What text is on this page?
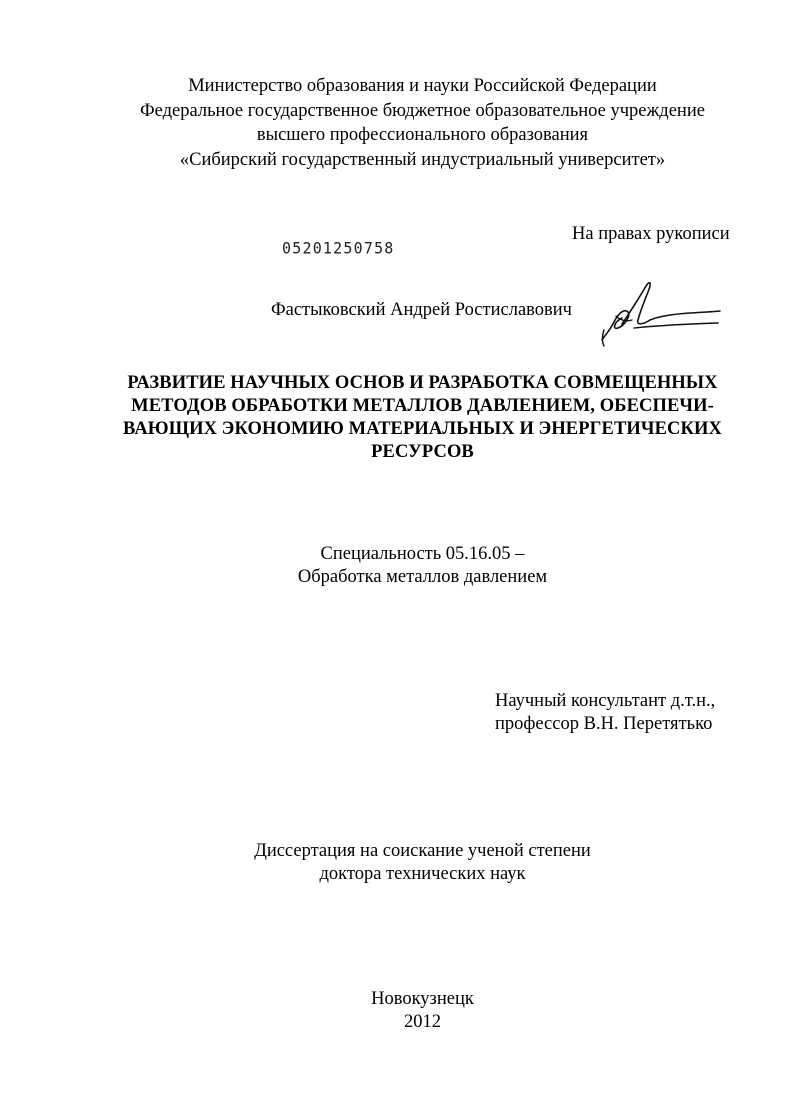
Министерство образования и науки Российской Федерации
Федеральное государственное бюджетное образовательное учреждение
высшего профессионального образования
«Сибирский государственный индустриальный университет»
На правах рукописи
05201250758
Фастыковский Андрей Ростиславович
РАЗВИТИЕ НАУЧНЫХ ОСНОВ И РАЗРАБОТКА СОВМЕЩЕННЫХ
МЕТОДОВ ОБРАБОТКИ МЕТАЛЛОВ ДАВЛЕНИЕМ, ОБЕСПЕЧИ-
ВАЮЩИХ ЭКОНОМИЮ МАТЕРИАЛЬНЫХ И ЭНЕРГЕТИЧЕСКИХ
РЕСУРСОВ
Специальность 05.16.05 –
Обработка металлов давлением
Научный консультант д.т.н.,
профессор В.Н. Перетятько
Диссертация на соискание ученой степени
доктора технических наук
Новокузнецк
2012
